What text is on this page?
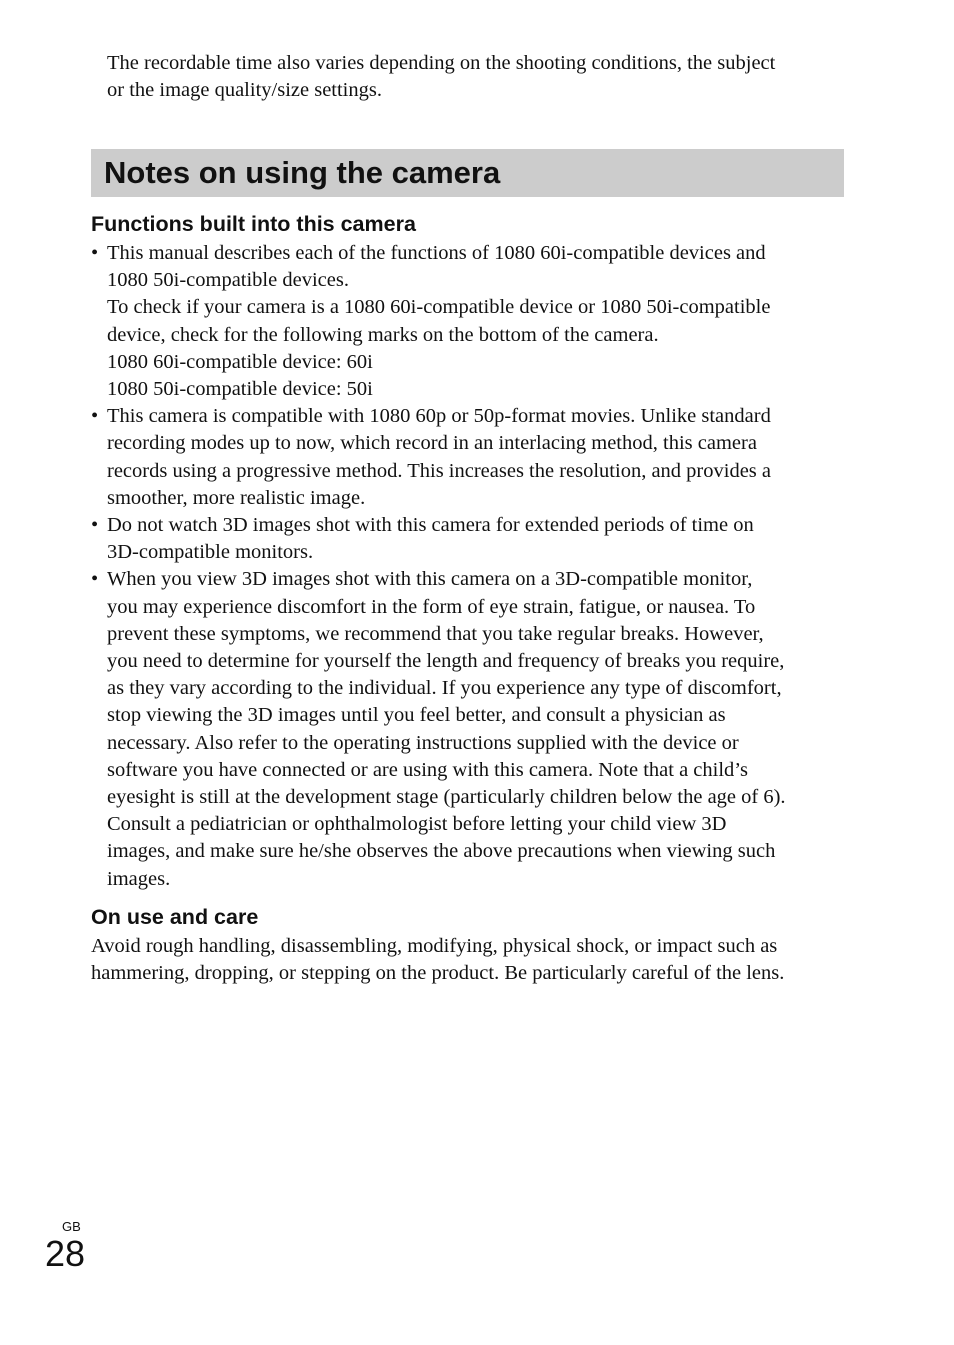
The recordable time also varies depending on the shooting conditions, the subject
or the image quality/size settings.
Notes on using the camera
Functions built into this camera
• This manual describes each of the functions of 1080 60i-compatible devices and

1080 50i-compatible devices.

To check if your camera is a 1080 60i-compatible device or 1080 50i-compatible

device, check for the following marks on the bottom of the camera.

1080 60i-compatible device: 60i

1080 50i-compatible device: 50i

• This camera is compatible with 1080 60p or 50p-format movies. Unlike standard

recording modes up to now, which record in an interlacing method, this camera

records using a progressive method. This increases the resolution, and provides a

smoother, more realistic image.

• Do not watch 3D images shot with this camera for extended periods of time on

3D-compatible monitors.

• When you view 3D images shot with this camera on a 3D-compatible monitor,

you may experience discomfort in the form of eye strain, fatigue, or nausea. To

prevent these symptoms, we recommend that you take regular breaks. However,

you need to determine for yourself the length and frequency of breaks you require,

as they vary according to the individual. If you experience any type of discomfort,

stop viewing the 3D images until you feel better, and consult a physician as

necessary. Also refer to the operating instructions supplied with the device or

software you have connected or are using with this camera. Note that a child’s

eyesight is still at the development stage (particularly children below the age of 6).

Consult a pediatrician or ophthalmologist before letting your child view 3D

images, and make sure he/she observes the above precautions when viewing such

images.

On use and care
Avoid rough handling, disassembling, modifying, physical shock, or impact such as
hammering, dropping, or stepping on the product. Be particularly careful of the lens.
GB
28
